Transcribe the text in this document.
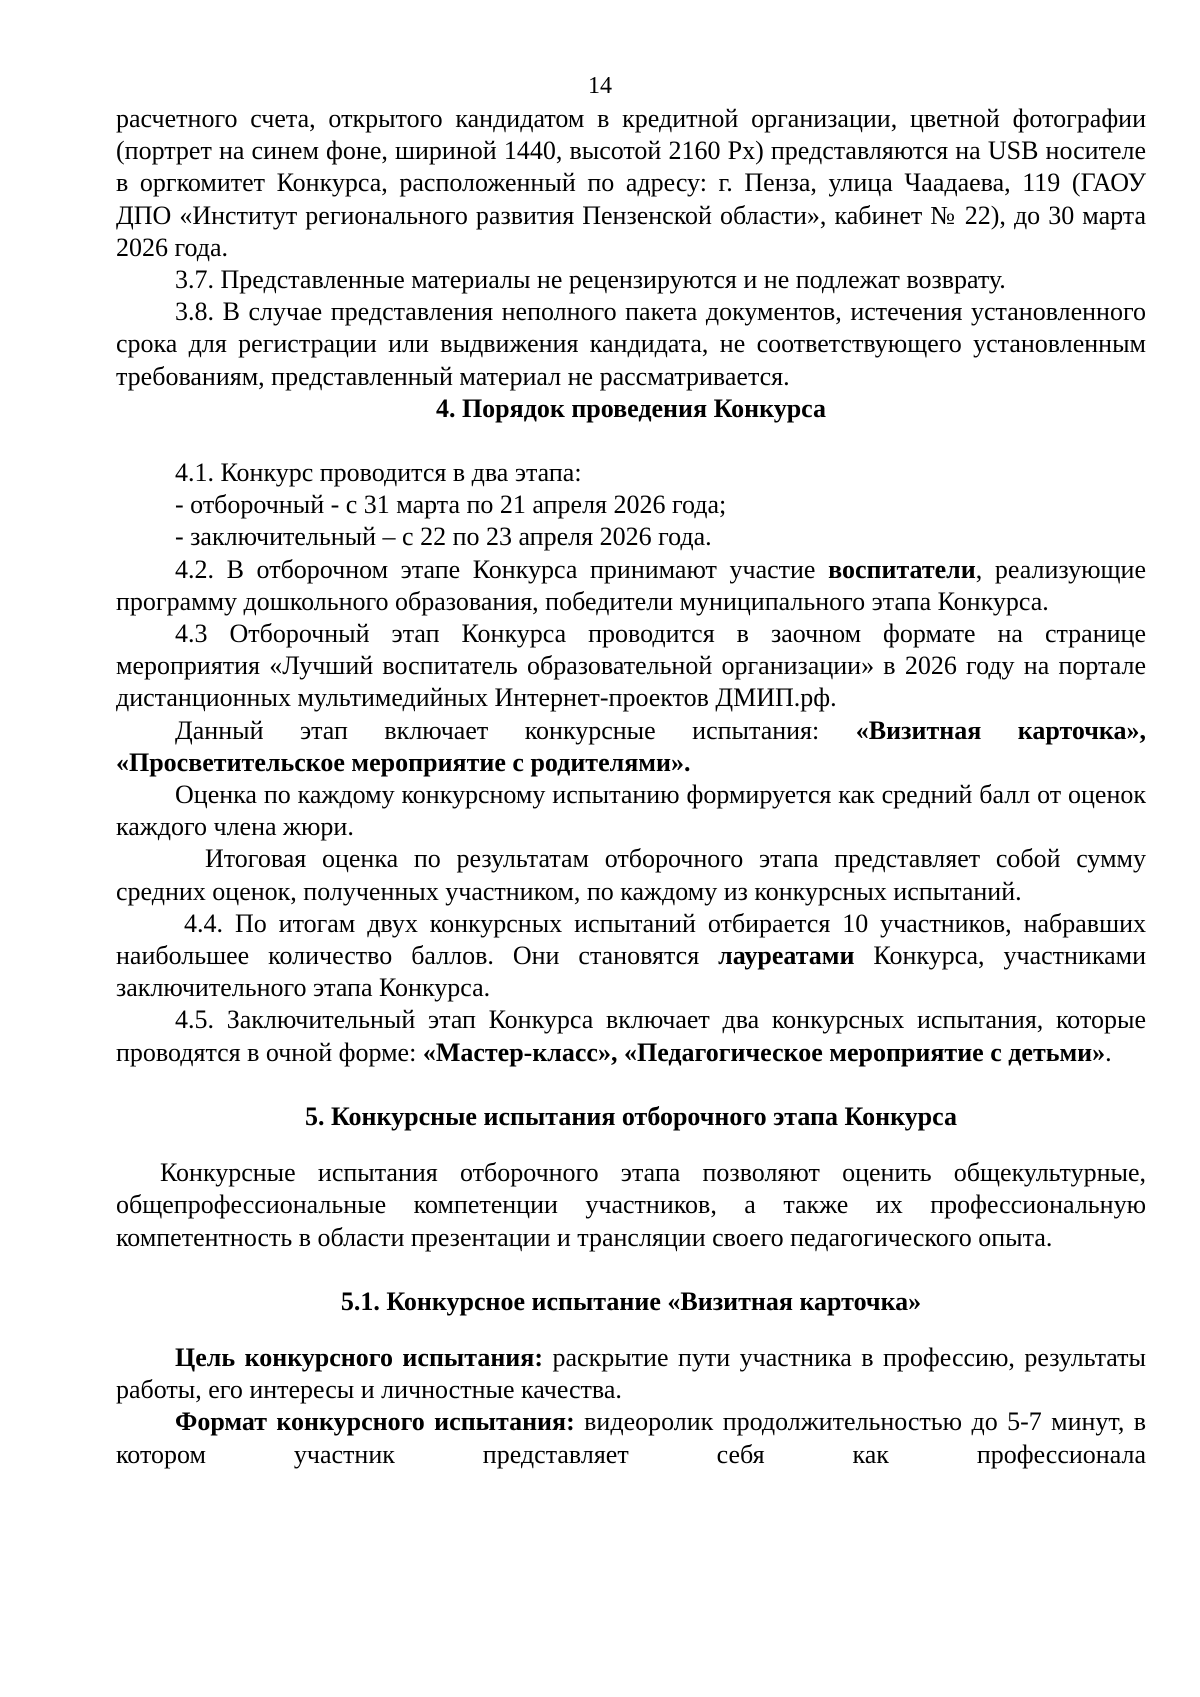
14

расчетного счета, открытого кандидатом в кредитной организации, цветной фотографии (портрет на синем фоне, шириной 1440, высотой 2160 Px) представляются на USB носителе в оргкомитет Конкурса, расположенный по адресу: г. Пенза, улица Чаадаева, 119 (ГАОУ ДПО «Институт регионального развития Пензенской области», кабинет № 22), до 30 марта 2026 года.

3.7. Представленные материалы не рецензируются и не подлежат возврату.

3.8. В случае представления неполного пакета документов, истечения установленного срока для регистрации или выдвижения кандидата, не соответствующего установленным требованиям, представленный материал не рассматривается.

4. Порядок проведения Конкурса

4.1. Конкурс проводится в два этапа:

- отборочный - с 31 марта по 21 апреля 2026 года;

- заключительный – с 22 по 23 апреля 2026 года.

4.2. В отборочном этапе Конкурса принимают участие воспитатели, реализующие программу дошкольного образования, победители муниципального этапа Конкурса.

4.3 Отборочный этап Конкурса проводится в заочном формате на странице мероприятия «Лучший воспитатель образовательной организации» в 2026 году на портале дистанционных мультимедийных Интернет-проектов ДМИП.рф.

Данный этап включает конкурсные испытания: «Визитная карточка», «Просветительское мероприятие с родителями».

Оценка по каждому конкурсному испытанию формируется как средний балл от оценок каждого члена жюри.

Итоговая оценка по результатам отборочного этапа представляет собой сумму средних оценок, полученных участником, по каждому из конкурсных испытаний.

4.4. По итогам двух конкурсных испытаний отбирается 10 участников, набравших наибольшее количество баллов. Они становятся лауреатами Конкурса, участниками заключительного этапа Конкурса.

4.5. Заключительный этап Конкурса включает два конкурсных испытания, которые проводятся в очной форме: «Мастер-класс», «Педагогическое мероприятие с детьми».

5. Конкурсные испытания отборочного этапа Конкурса

Конкурсные испытания отборочного этапа позволяют оценить общекультурные, общепрофессиональные компетенции участников, а также их профессиональную компетентность в области презентации и трансляции своего педагогического опыта.

5.1. Конкурсное испытание «Визитная карточка»

Цель конкурсного испытания: раскрытие пути участника в профессию, результаты работы, его интересы и личностные качества.

Формат конкурсного испытания: видеоролик продолжительностью до 5-7 минут, в котором участник представляет себя как профессионала
